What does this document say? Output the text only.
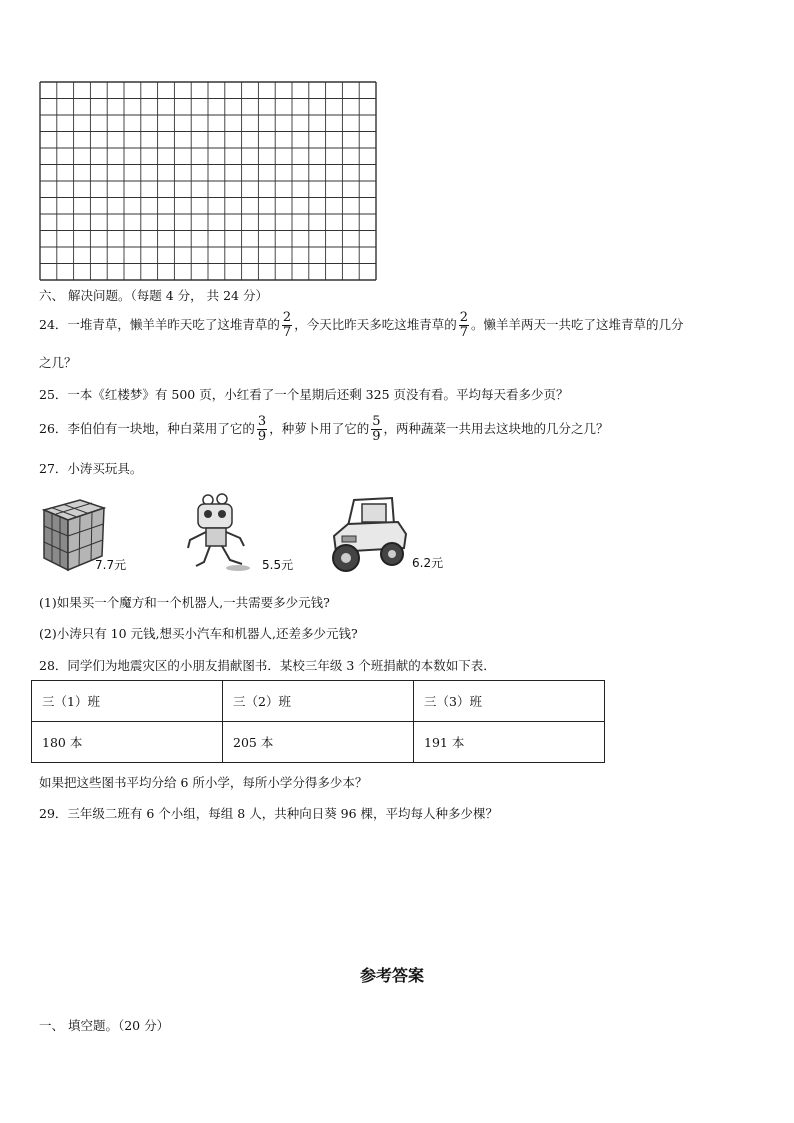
六、 解决问题。（每题 4 分， 共 24 分）
24．一堆青草，懒羊羊昨天吃了这堆青草的 $\frac{2}{7}$ ，今天比昨天多吃这堆青草的 $\frac{2}{7}$ 。懒羊羊两天一共吃了这堆青草的几分
之几？
25．一本《红楼梦》有 500 页，小红看了一个星期后还剩 325 页没有看。平均每天看多少页？
26．李伯伯有一块地，种白菜用了它的 $\frac{3}{9}$ ，种萝卜用了它的 $\frac{5}{9}$ ，两种蔬菜一共用去这块地的几分之几？
27．小涛买玩具。
7.7元	5.5元	6.2元
(1)如果买一个魔方和一个机器人,一共需要多少元钱?
(2)小涛只有 10 元钱,想买小汽车和机器人,还差多少元钱?
28．同学们为地震灾区的小朋友捐献图书．某校三年级 3 个班捐献的本数如下表．
三（1）班	三（2）班	三（3）班
180 本	205 本	191 本
如果把这些图书平均分给 6 所小学，每所小学分得多少本？
29．三年级二班有 6 个小组，每组 8 人，共种向日葵 96 棵，平均每人种多少棵？
参考答案
一、 填空题。（20 分）
